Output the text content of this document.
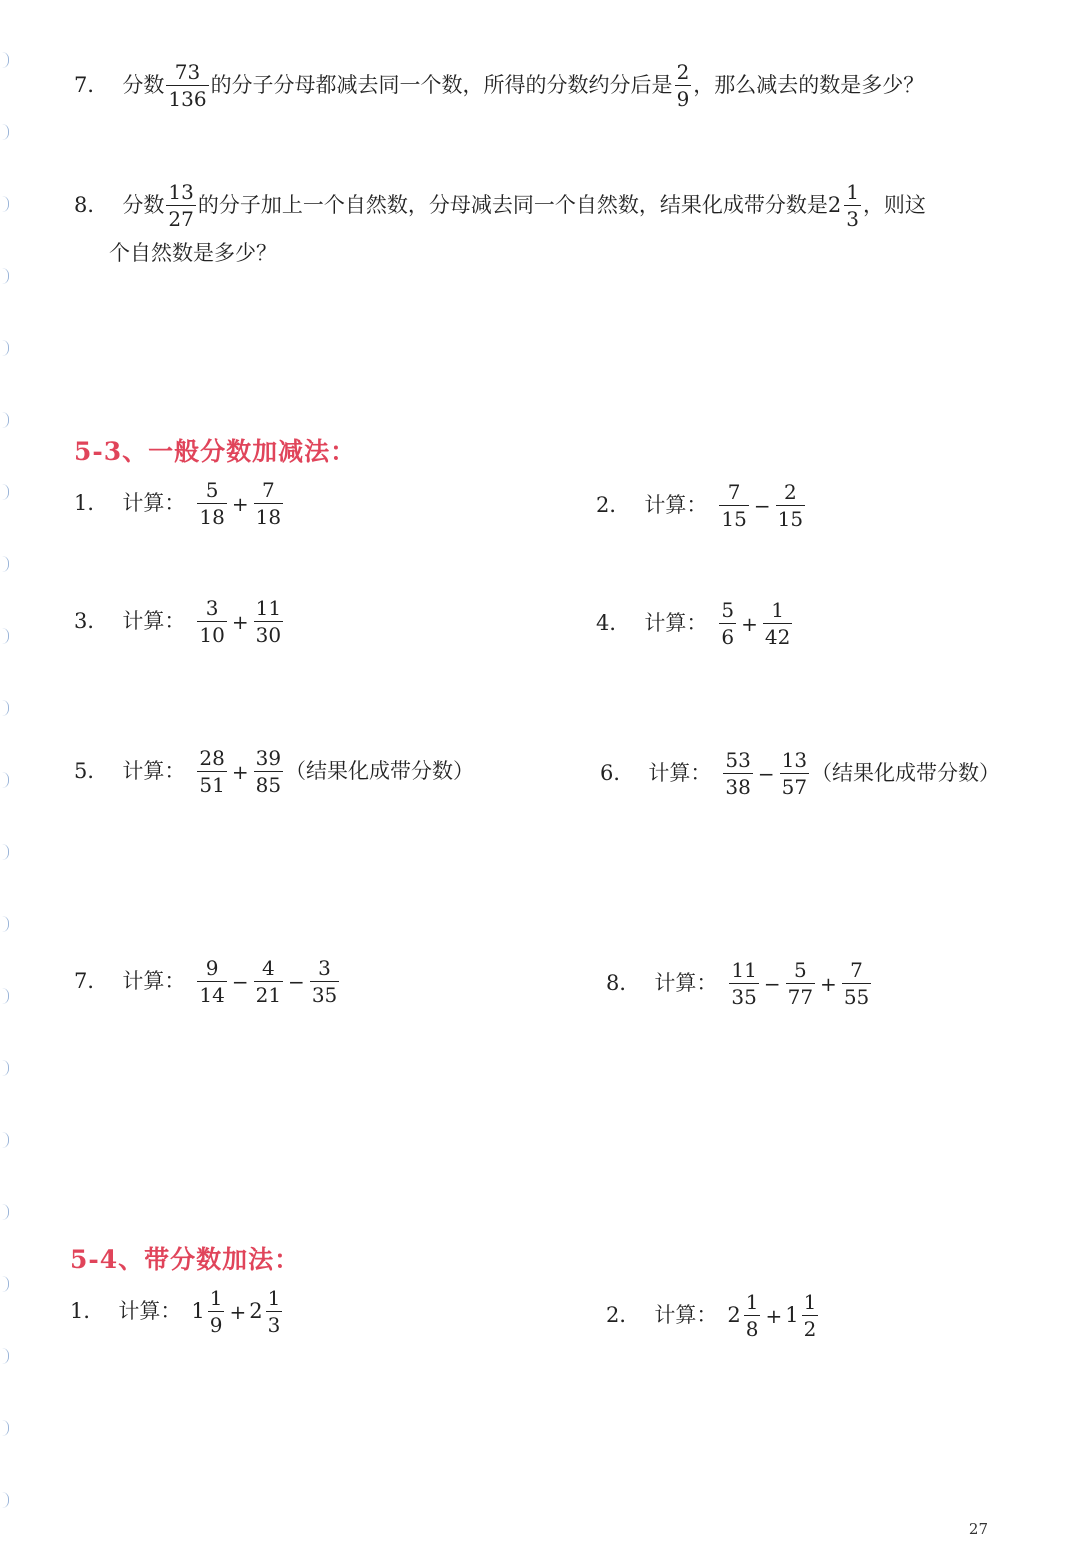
7． 分数 $\frac{73}{136}$ 的分子分母都减去同一个数，所得的分数约分后是 $\frac{2}{9}$ ，那么减去的数是多少？
8． 分数 $\frac{13}{27}$ 的分子加上一个自然数，分母减去同一个自然数，结果化成带分数是 $2 \frac{1}{3}$ ，则这
个自然数是多少？
5-3、一般分数加减法：
1． 计算： $\frac{5}{18} + \frac{7}{18}$	2． 计算： $\frac{7}{15} - \frac{2}{15}$
3． 计算： $\frac{3}{10} + \frac{11}{30}$	4． 计算： $\frac{5}{6} + \frac{1}{42}$
5． 计算： $\frac{28}{51} + \frac{39}{85}$ （结果化成带分数）	6． 计算： $\frac{53}{38} - \frac{13}{57}$ （结果化成带分数）
7． 计算： $\frac{9}{14} - \frac{4}{21} - \frac{3}{35}$	8． 计算： $\frac{11}{35} - \frac{5}{77} + \frac{7}{55}$
5-4、带分数加法：
1． 计算： $1 \frac{1}{9} + 2 \frac{1}{3}$	2． 计算： $2 \frac{1}{8} + 1 \frac{1}{2}$
27
